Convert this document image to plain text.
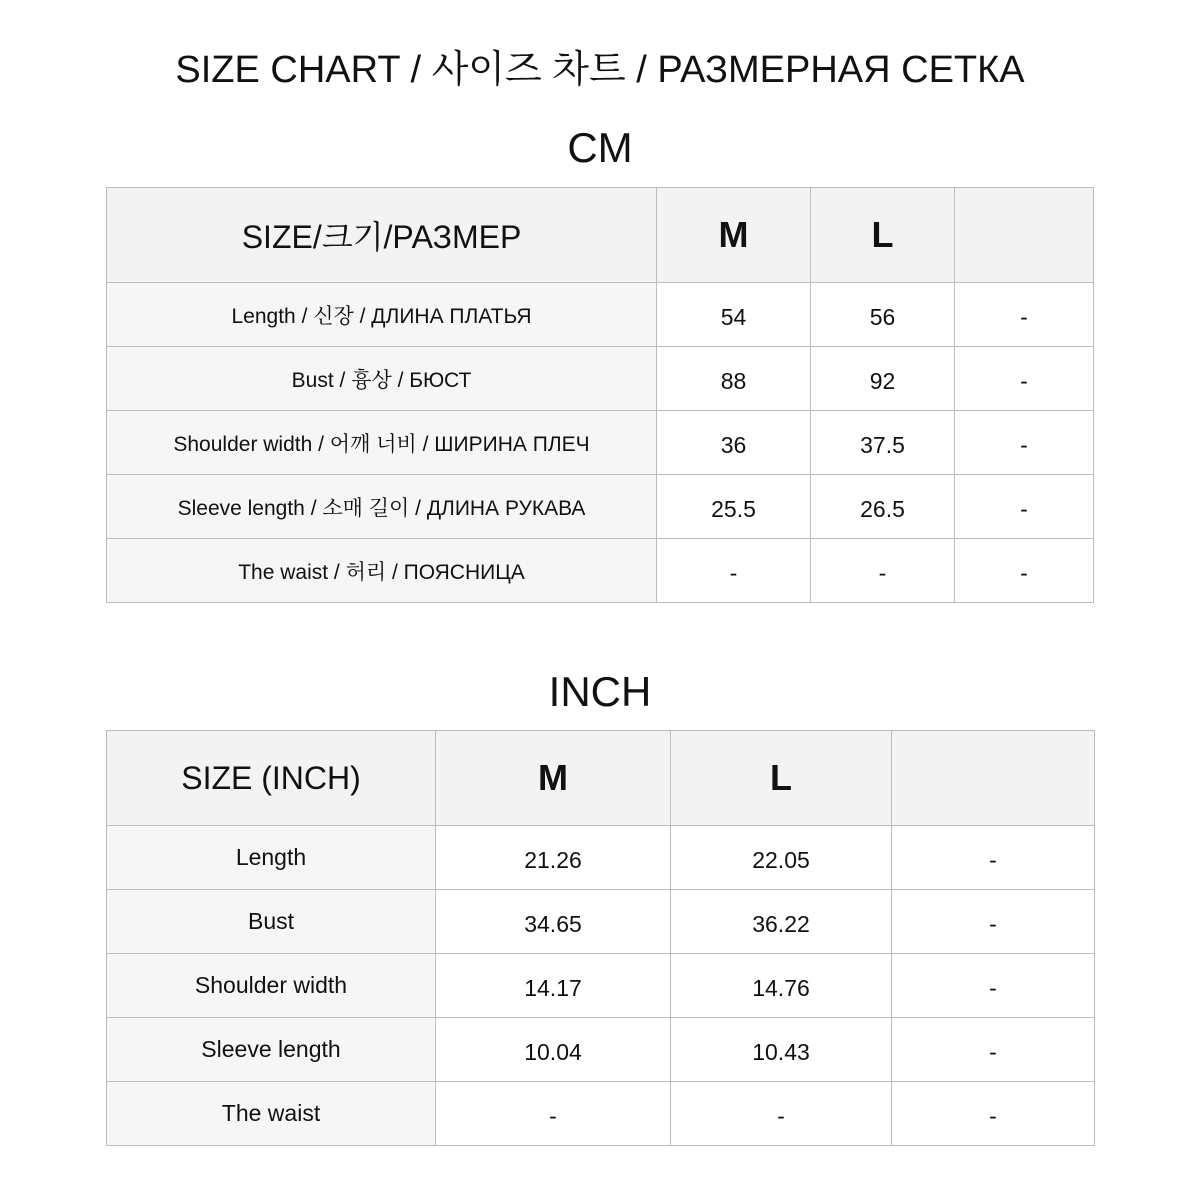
SIZE CHART / 사이즈 차트 / РАЗМЕРНАЯ СЕТКА
CM
SIZE/크기/РАЗМЕР	M	L	
Length / 신장 / ДЛИНА ПЛАТЬЯ	54	56	-
Bust / 흉상 / БЮСТ	88	92	-
Shoulder width / 어깨 너비 / ШИРИНА ПЛЕЧ	36	37.5	-
Sleeve length / 소매 길이 / ДЛИНА РУКАВА	25.5	26.5	-
The waist / 허리 / ПОЯСНИЦА	-	-	-
INCH
SIZE (INCH)	M	L	
Length	21.26	22.05	-
Bust	34.65	36.22	-
Shoulder width	14.17	14.76	-
Sleeve length	10.04	10.43	-
The waist	-	-	-
